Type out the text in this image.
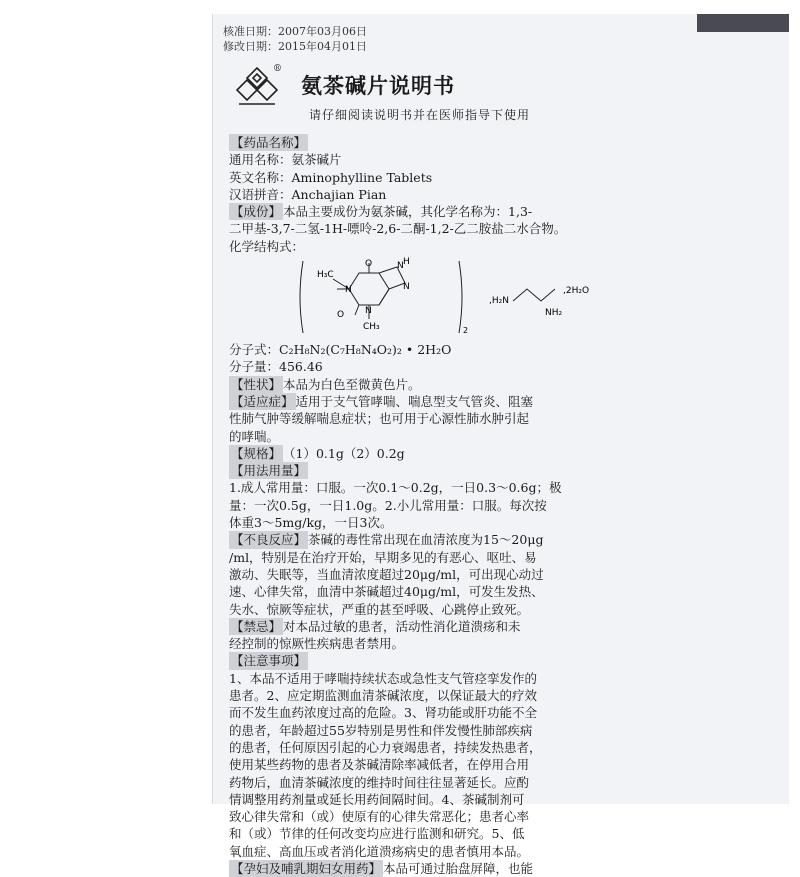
核准日期：2007年03月06日
修改日期：2015年04月01日
®
氨茶碱片说明书
请仔细阅读说明书并在医师指导下使用
【药品名称】
通用名称：氨茶碱片
英文名称：Aminophylline Tablets
汉语拼音：Anchajian Pian
【成份】 本品主要成份为氨茶碱，其化学名称为：1,3-
二甲基-3,7-二氢-1H-嘌呤-2,6-二酮-1,2-乙二胺盐二水合物。
化学结构式：
H₃C
N
O	N H
N
O N
CH₃	2
,H₂N
NH₂
,2H₂O
分子式：C₂H₈N₂(C₇H₈N₄O₂)₂ • 2H₂O
分子量：456.46
【性状】 本品为白色至微黄色片。
【适应症】 适用于支气管哮喘、喘息型支气管炎、阻塞
性肺气肿等缓解喘息症状；也可用于心源性肺水肿引起
的哮喘。
【规格】 （1）0.1g（2）0.2g
【用法用量】
1.成人常用量：口服。一次0.1～0.2g，一日0.3～0.6g；极
量：一次0.5g，一日1.0g。2.小儿常用量：口服。每次按
体重3～5mg/kg，一日3次。
【不良反应】 茶碱的毒性常出现在血清浓度为15～20μg
/ml，特别是在治疗开始，早期多见的有恶心、呕吐、易
激动、失眠等，当血清浓度超过20μg/ml，可出现心动过
速、心律失常，血清中茶碱超过40μg/ml，可发生发热、
失水、惊厥等症状，严重的甚至呼吸、心跳停止致死。
【禁忌】 对本品过敏的患者，活动性消化道溃疡和未
经控制的惊厥性疾病患者禁用。
【注意事项】
1、本品不适用于哮喘持续状态或急性支气管痉挛发作的
患者。2、应定期监测血清茶碱浓度，以保证最大的疗效
而不发生血药浓度过高的危险。3、肾功能或肝功能不全
的患者，年龄超过55岁特别是男性和伴发慢性肺部疾病
的患者，任何原因引起的心力衰竭患者，持续发热患者，
使用某些药物的患者及茶碱清除率减低者，在停用合用
药物后，血清茶碱浓度的维持时间往往显著延长。应酌
情调整用药剂量或延长用药间隔时间。4、茶碱制剂可
致心律失常和（或）使原有的心律失常恶化；患者心率
和（或）节律的任何改变均应进行监测和研究。5、低
氧血症、高血压或者消化道溃疡病史的患者慎用本品。
【孕妇及哺乳期妇女用药】 本品可通过胎盘屏障，也能
